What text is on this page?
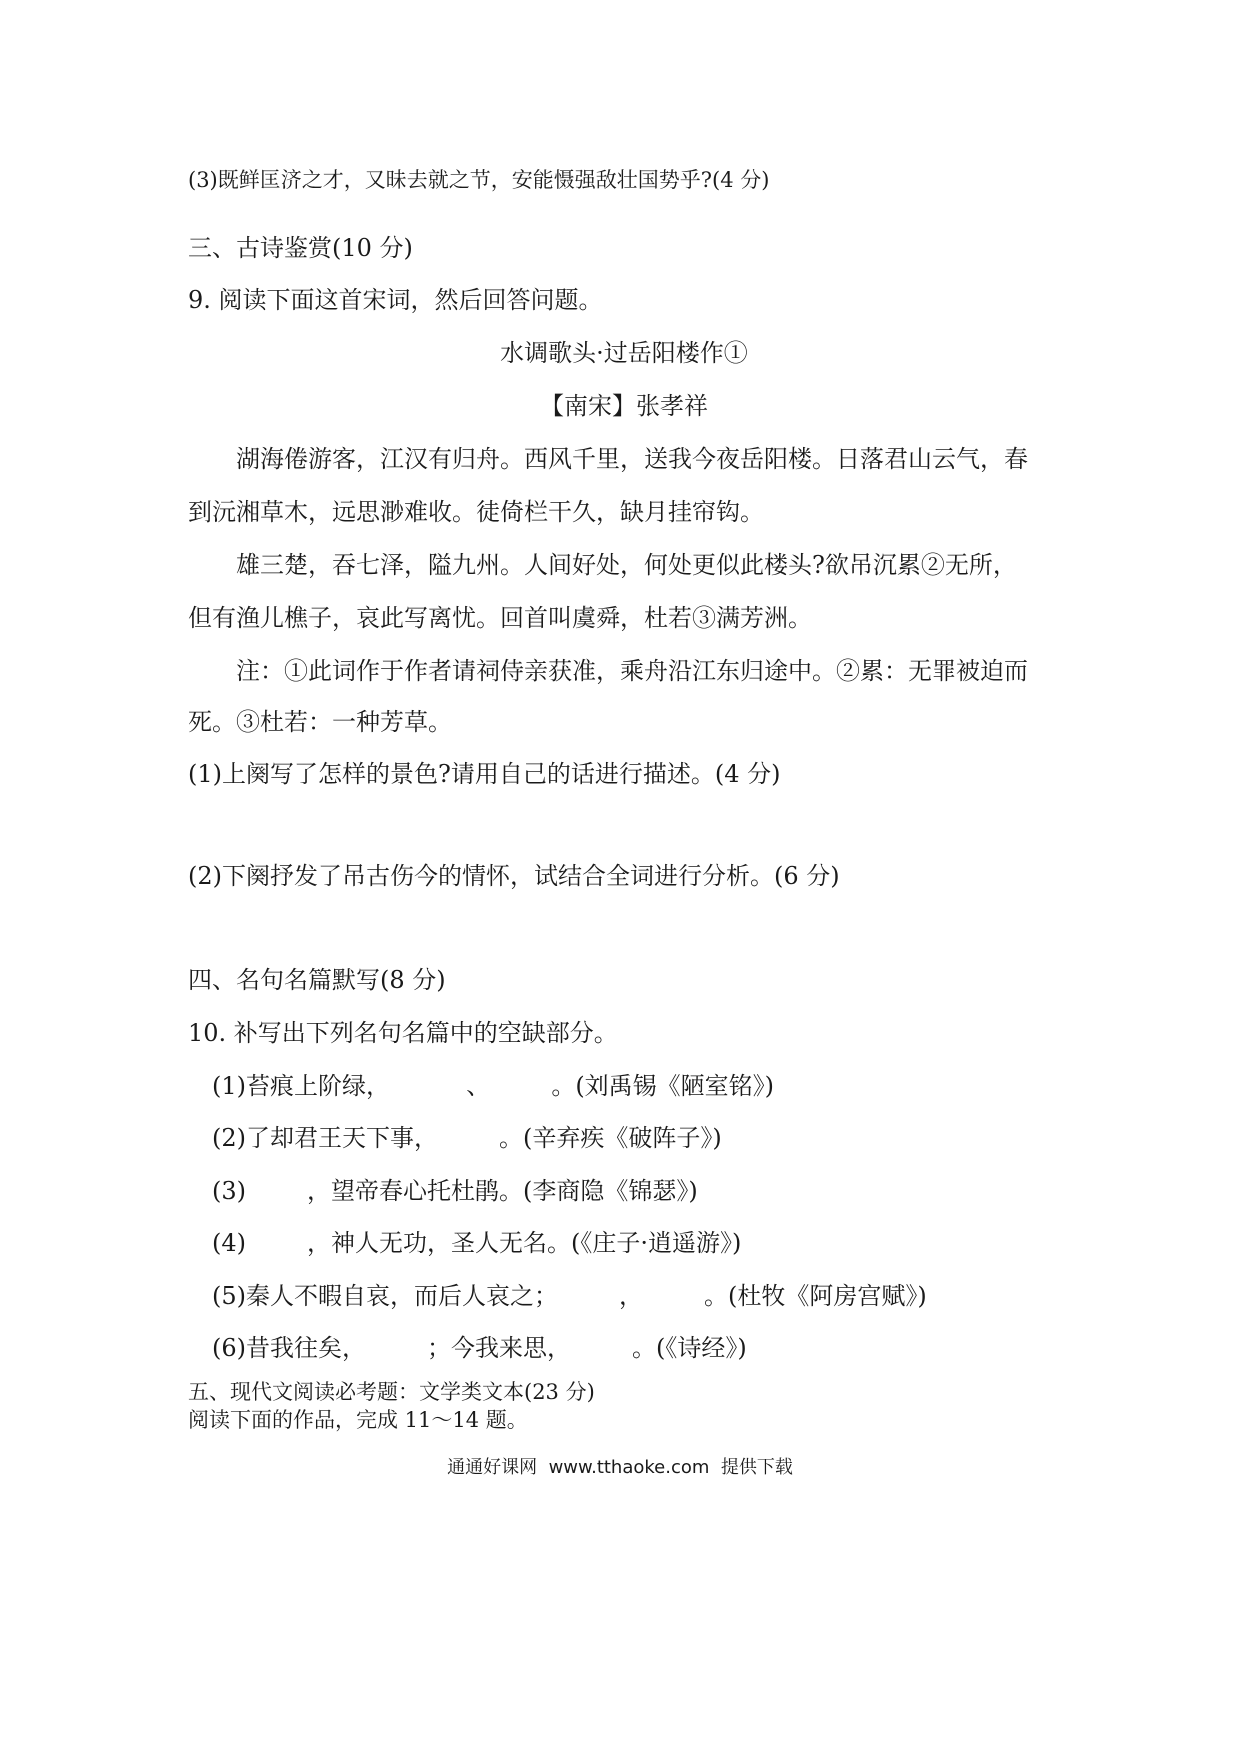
(3)既鲜匡济之才，又昧去就之节，安能慑强敌壮国势乎?(4 分)
三、古诗鉴赏(10 分)
9. 阅读下面这首宋词，然后回答问题。
水调歌头·过岳阳楼作①
【南宋】张孝祥
湖海倦游客，江汉有归舟。西风千里，送我今夜岳阳楼。日落君山云气，春
到沅湘草木，远思渺难收。徒倚栏干久，缺月挂帘钩。
雄三楚，吞七泽，隘九州。人间好处，何处更似此楼头?欲吊沉累②无所，
但有渔儿樵子，哀此写离忧。回首叫虞舜，杜若③满芳洲。
注：①此词作于作者请祠侍亲获准，乘舟沿江东归途中。②累：无罪被迫而
死。③杜若：一种芳草。
(1)上阕写了怎样的景色?请用自己的话进行描述。(4 分)
(2)下阕抒发了吊古伤今的情怀，试结合全词进行分析。(6 分)
四、名句名篇默写(8 分)
10. 补写出下列名句名篇中的空缺部分。
(1)苔痕上阶绿，          、        。(刘禹锡《陋室铭》)
(2)了却君王天下事，        。(辛弃疾《破阵子》)
(3)        ，望帝春心托杜鹃。(李商隐《锦瑟》)
(4)        ，神人无功，圣人无名。(《庄子·逍遥游》)
(5)秦人不暇自哀，而后人哀之；        ，        。(杜牧《阿房宫赋》)
(6)昔我往矣，        ；今我来思，        。(《诗经》)
五、现代文阅读必考题：文学类文本(23 分)
阅读下面的作品，完成 11～14 题。
通通好课网  www.tthaoke.com  提供下载
